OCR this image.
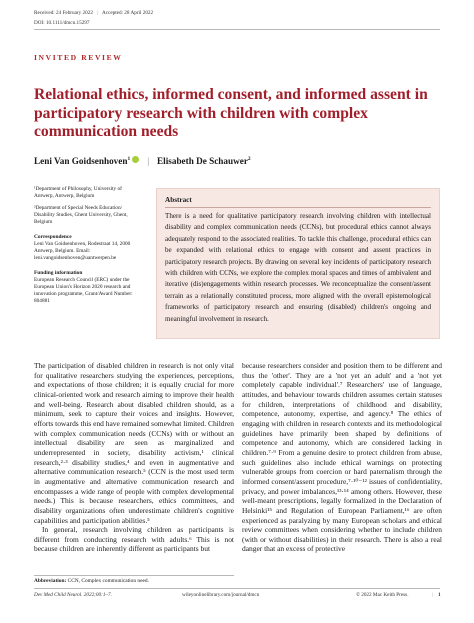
Received: 24 February 2022 | Accepted: 28 April 2022
DOI: 10.1111/dmcn.15297
INVITED REVIEW
Relational ethics, informed consent, and informed assent in participatory research with children with complex communication needs
Leni Van Goidsenhoven$^1$ | Elisabeth De Schauwer$^2$
¹Department of Philosophy, University of Antwerp, Antwerp, Belgium
²Department of Special Needs Education/ Disability Studies, Ghent University, Ghent, Belgium
Correspondence
Leni Van Goidsenhoven, Rodestraat 14, 2000 Antwerp, Belgium. Email: leni.vangoidsenhoven@uantwerpen.be
Funding information
European Research Council (ERC) under the European Union's Horizon 2020 research and innovation programme, Grant/Award Number: 804881
Abstract
There is a need for qualitative participatory research involving children with intellectual disability and complex communication needs (CCNs), but procedural ethics cannot always adequately respond to the associated realities. To tackle this challenge, procedural ethics can be expanded with relational ethics to engage with consent and assent practices in participatory research projects. By drawing on several key incidents of participatory research with children with CCNs, we explore the complex moral spaces and times of ambivalent and iterative (dis)engagements within research processes. We reconceptualize the consent/assent terrain as a relationally constituted process, more aligned with the overall epistemological frameworks of participatory research and ensuring (disabled) children's ongoing and meaningful involvement in research.

The participation of disabled children in research is not only vital for qualitative researchers studying the experiences, perceptions, and expectations of those children; it is equally crucial for more clinical-oriented work and research aiming to improve their health and well-being. Research about disabled children should, as a minimum, seek to capture their voices and insights. However, efforts towards this end have remained somewhat limited. Children with complex communication needs (CCNs) with or without an intellectual disability are seen as marginalized and underrepresented in society, disability activism,¹ clinical research,²·³ disability studies,⁴ and even in augmentative and alternative communication research.⁵ (CCN is the most used term in augmentative and alternative communication research and encompasses a wide range of people with complex developmental needs.) This is because researchers, ethics committees, and disability organizations often underestimate children's cognitive capabilities and participation abilities.⁵

In general, research involving children as participants is different from conducting research with adults.⁶ This is not because children are inherently different as participants but

because researchers consider and position them to be different and thus the 'other'. They are a 'not yet an adult' and a 'not yet completely capable individual'.⁷ Researchers' use of language, attitudes, and behaviour towards children assumes certain statuses for children, interpretations of childhood and disability, competence, autonomy, expertise, and agency.⁸ The ethics of engaging with children in research contexts and its methodological guidelines have primarily been shaped by definitions of competence and autonomy, which are considered lacking in children.⁷·⁹ From a genuine desire to protect children from abuse, such guidelines also include ethical warnings on protecting vulnerable groups from coercion or hard paternalism through the informed consent/assent procedure,⁷·¹⁰⁻¹² issues of confidentiality, privacy, and power imbalances,¹³·¹⁴ among others. However, these well-meant prescriptions, legally formalized in the Declaration of Helsinki¹⁵ and Regulation of European Parliament,¹⁶ are often experienced as paralyzing by many European scholars and ethical review committees when considering whether to include children (with or without disabilities) in their research. There is also a real danger that an excess of protective

Abbreviation: CCN, Complex communication need.
Dev Med Child Neurol. 2022;00:1–7.	wileyonlinelibrary.com/journal/dmcn	© 2022 Mac Keith Press.
|	1
